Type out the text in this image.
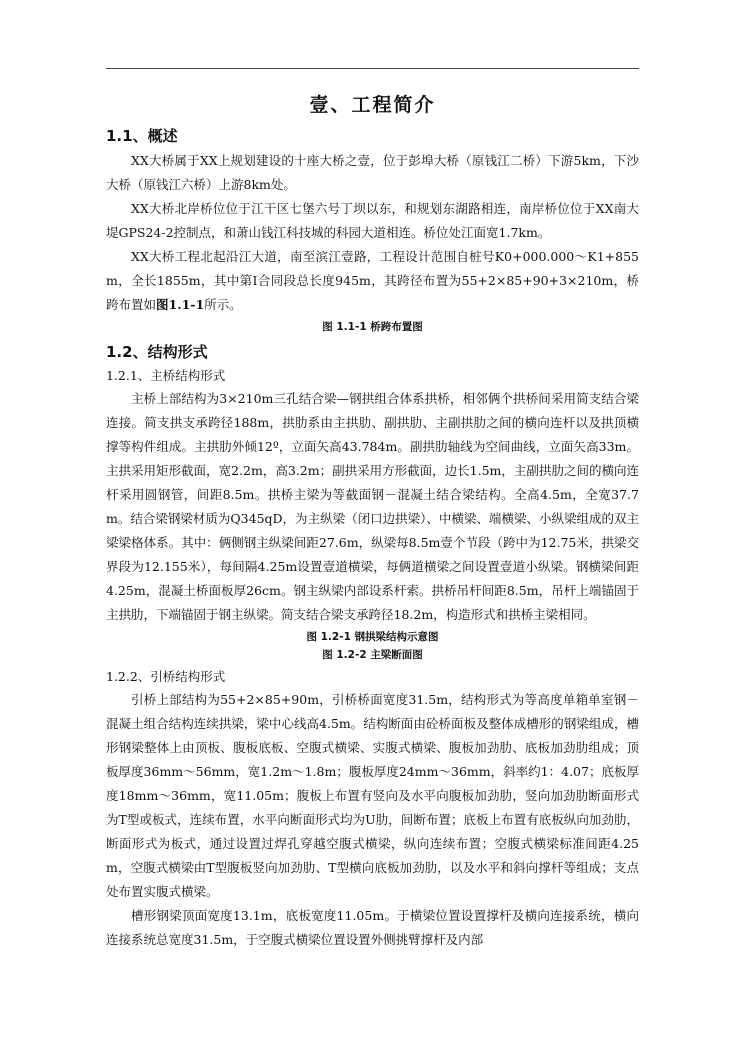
壹、工程简介
1.1、概述

XX大桥属于XX上规划建设的十座大桥之壹，位于彭埠大桥（原钱江二桥）下游5km，下沙大桥（原钱江六桥）上游8km处。

XX大桥北岸桥位位于江干区七堡六号丁坝以东，和规划东湖路相连，南岸桥位位于XX南大堤GPS24-2控制点，和萧山钱江科技城的科园大道相连。桥位处江面宽1.7km。

XX大桥工程北起沿江大道，南至滨江壹路，工程设计范围自桩号K0+000.000～K1+855m，全长1855m，其中第Ⅰ合同段总长度945m，其跨径布置为55+2×85+90+3×210m，桥跨布置如图1.1-1所示。

图 1.1-1 桥跨布置图
1.2、结构形式
1.2.1、主桥结构形式

主桥上部结构为3×210m三孔结合梁—钢拱组合体系拱桥，相邻俩个拱桥间采用简支结合梁连接。简支拱支承跨径188m，拱肋系由主拱肋、副拱肋、主副拱肋之间的横向连杆以及拱顶横撑等构件组成。主拱肋外倾12º，立面矢高43.784m。副拱肋轴线为空间曲线，立面矢高33m。主拱采用矩形截面，宽2.2m，高3.2m；副拱采用方形截面，边长1.5m，主副拱肋之间的横向连杆采用圆钢管，间距8.5m。拱桥主梁为等截面钢－混凝土结合梁结构。全高4.5m，全宽37.7m。结合梁钢梁材质为Q345qD，为主纵梁（闭口边拱梁）、中横梁、端横梁、小纵梁组成的双主梁梁格体系。其中：俩侧钢主纵梁间距27.6m，纵梁每8.5m壹个节段（跨中为12.75米，拱梁交界段为12.155米），每间隔4.25m设置壹道横梁，每俩道横梁之间设置壹道小纵梁。钢横梁间距4.25m，混凝土桥面板厚26cm。钢主纵梁内部设系杆索。拱桥吊杆间距8.5m，吊杆上端锚固于主拱肋，下端锚固于钢主纵梁。简支结合梁支承跨径18.2m，构造形式和拱桥主梁相同。

图 1.2-1 钢拱梁结构示意图
图 1.2-2 主梁断面图
1.2.2、引桥结构形式

引桥上部结构为55+2×85+90m，引桥桥面宽度31.5m，结构形式为等高度单箱单室钢－混凝土组合结构连续拱梁，梁中心线高4.5m。结构断面由砼桥面板及整体成槽形的钢梁组成，槽形钢梁整体上由顶板、腹板底板、空腹式横梁、实腹式横梁、腹板加劲肋、底板加劲肋组成；顶板厚度36mm～56mm，宽1.2m～1.8m；腹板厚度24mm～36mm，斜率约1：4.07；底板厚度18mm～36mm，宽11.05m；腹板上布置有竖向及水平向腹板加劲肋，竖向加劲肋断面形式为T型或板式，连续布置，水平向断面形式均为U肋，间断布置；底板上布置有底板纵向加劲肋，断面形式为板式，通过设置过焊孔穿越空腹式横梁，纵向连续布置；空腹式横梁标准间距4.25m，空腹式横梁由T型腹板竖向加劲肋、T型横向底板加劲肋，以及水平和斜向撑杆等组成；支点处布置实腹式横梁。

槽形钢梁顶面宽度13.1m，底板宽度11.05m。于横梁位置设置撑杆及横向连接系统，横向连接系统总宽度31.5m，于空腹式横梁位置设置外侧挑臂撑杆及内部
